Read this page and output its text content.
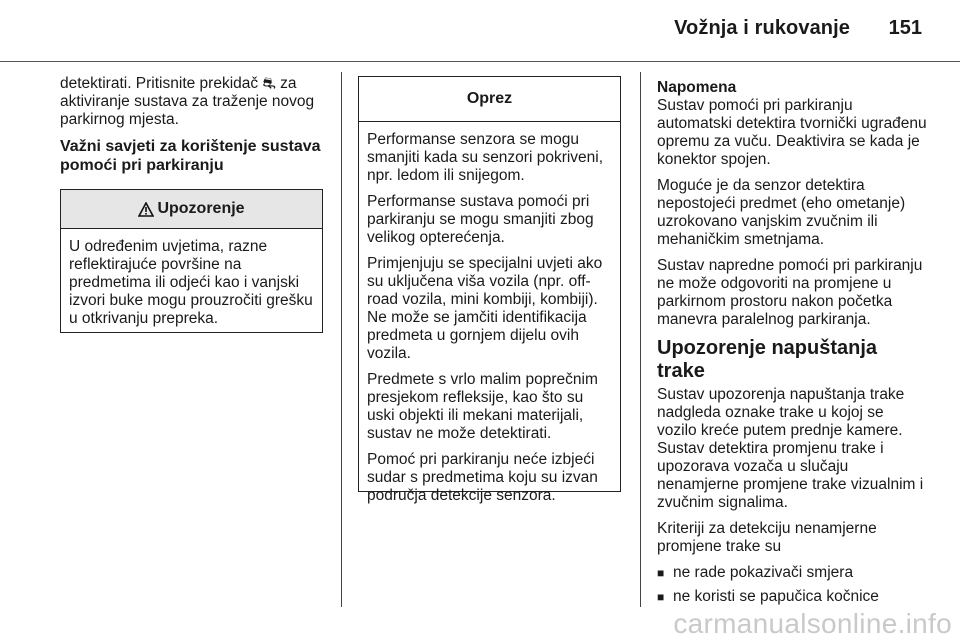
Vožnja i rukovanje 151

detektirati. Pritisnite prekidač ⛐ za aktiviranje sustava za traženje novog parkirnog mjesta.

Važni savjeti za korištenje sustava pomoći pri parkiranju
Upozorenje

U određenim uvjetima, razne reflektirajuće površine na predmetima ili odjeći kao i vanjski izvori buke mogu prouzročiti grešku u otkrivanju prepreka.

Oprez

Performanse senzora se mogu smanjiti kada su senzori pokriveni, npr. ledom ili snijegom.

Performanse sustava pomoći pri parkiranju se mogu smanjiti zbog velikog opterećenja.

Primjenjuju se specijalni uvjeti ako su uključena viša vozila (npr. off-road vozila, mini kombiji, kombiji). Ne može se jamčiti identifikacija predmeta u gornjem dijelu ovih vozila.

Predmete s vrlo malim poprečnim presjekom refleksije, kao što su uski objekti ili mekani materijali, sustav ne može detektirati.

Pomoć pri parkiranju neće izbjeći sudar s predmetima koju su izvan područja detekcije senzora.

Napomena

Sustav pomoći pri parkiranju automatski detektira tvornički ugrađenu opremu za vuču. Deaktivira se kada je konektor spojen.

Moguće je da senzor detektira nepostojeći predmet (eho ometanje) uzrokovano vanjskim zvučnim ili mehaničkim smetnjama.

Sustav napredne pomoći pri parkiranju ne može odgovoriti na promjene u parkirnom prostoru nakon početka manevra paralelnog parkiranja.

Upozorenje napuštanja trake

Sustav upozorenja napuštanja trake nadgleda oznake trake u kojoj se vozilo kreće putem prednje kamere. Sustav detektira promjenu trake i upozorava vozača u slučaju nenamjerne promjene trake vizualnim i zvučnim signalima.

Kriteriji za detekciju nenamjerne promjene trake su

■ ne rade pokazivači smjera
■ ne koristi se papučica kočnice
carmanualsonline.info
